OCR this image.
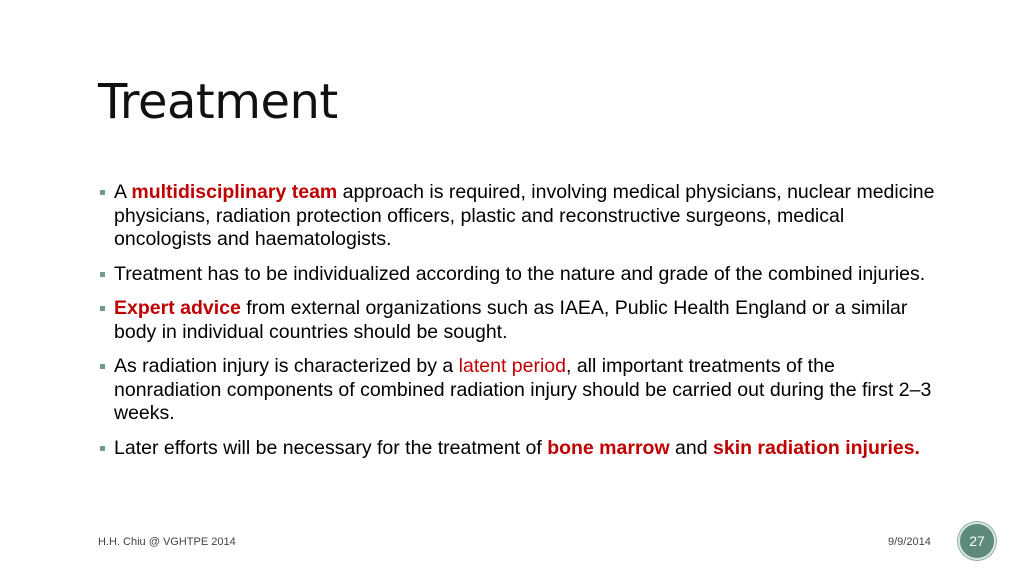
Treatment
A multidisciplinary team approach is required, involving medical physicians, nuclear medicine physicians, radiation protection officers, plastic and reconstructive surgeons, medical oncologists and haematologists.
Treatment has to be individualized according to the nature and grade of the combined injuries.
Expert advice from external organizations such as IAEA, Public Health England or a similar body in individual countries should be sought.
As radiation injury is characterized by a latent period, all important treatments of the nonradiation components of combined radiation injury should be carried out during the first 2–3 weeks.
Later efforts will be necessary for the treatment of bone marrow and skin radiation injuries.
H.H. Chiu @ VGHTPE 2014	9/9/2014	27
